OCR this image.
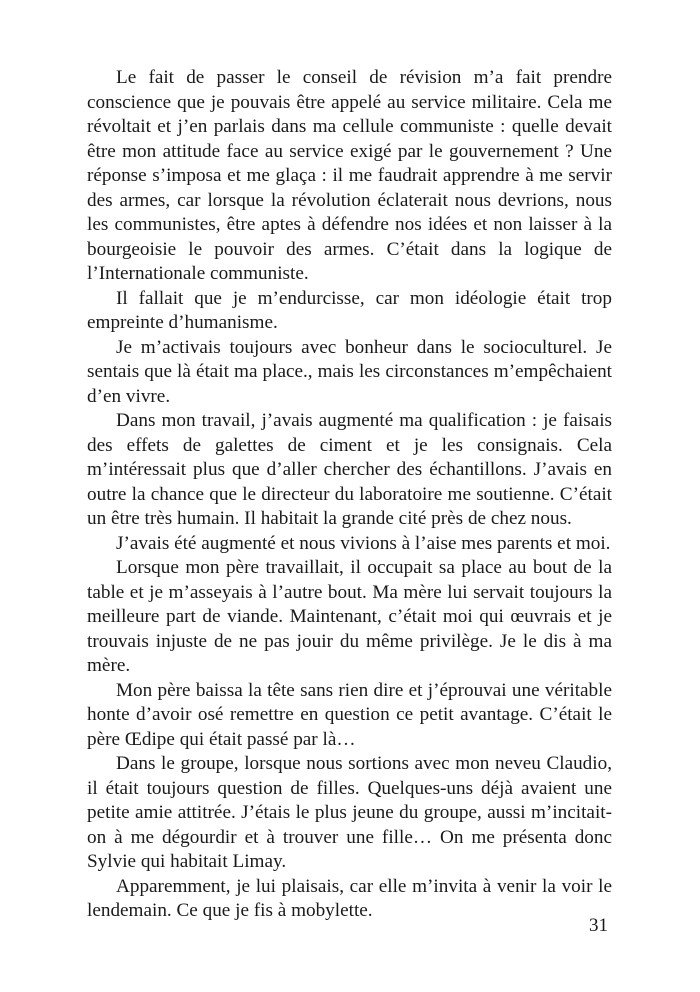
Le fait de passer le conseil de révision m’a fait prendre conscience que je pouvais être appelé au service militaire. Cela me révoltait et j’en parlais dans ma cellule communiste : quelle devait être mon attitude face au service exigé par le gouvernement ? Une réponse s’imposa et me glaça : il me faudrait apprendre à me servir des armes, car lorsque la révolution éclaterait nous devrions, nous les communistes, être aptes à défendre nos idées et non laisser à la bourgeoisie le pouvoir des armes. C’était dans la logique de l’Internationale communiste.

Il fallait que je m’endurcisse, car mon idéologie était trop empreinte d’humanisme.

Je m’activais toujours avec bonheur dans le socioculturel. Je sentais que là était ma place., mais les circonstances m’empêchaient d’en vivre.

Dans mon travail, j’avais augmenté ma qualification : je faisais des effets de galettes de ciment et je les consignais. Cela m’intéressait plus que d’aller chercher des échantillons. J’avais en outre la chance que le directeur du laboratoire me soutienne. C’était un être très humain. Il habitait la grande cité près de chez nous.

J’avais été augmenté et nous vivions à l’aise mes parents et moi.

Lorsque mon père travaillait, il occupait sa place au bout de la table et je m’asseyais à l’autre bout. Ma mère lui servait toujours la meilleure part de viande. Maintenant, c’était moi qui œuvrais et je trouvais injuste de ne pas jouir du même privilège. Je le dis à ma mère.

Mon père baissa la tête sans rien dire et j’éprouvai une véritable honte d’avoir osé remettre en question ce petit avantage. C’était le père Œdipe qui était passé par là…

Dans le groupe, lorsque nous sortions avec mon neveu Claudio, il était toujours question de filles. Quelques-uns déjà avaient une petite amie attitrée. J’étais le plus jeune du groupe, aussi m’incitait-on à me dégourdir et à trouver une fille… On me présenta donc Sylvie qui habitait Limay.

Apparemment, je lui plaisais, car elle m’invita à venir la voir le lendemain. Ce que je fis à mobylette.

31
